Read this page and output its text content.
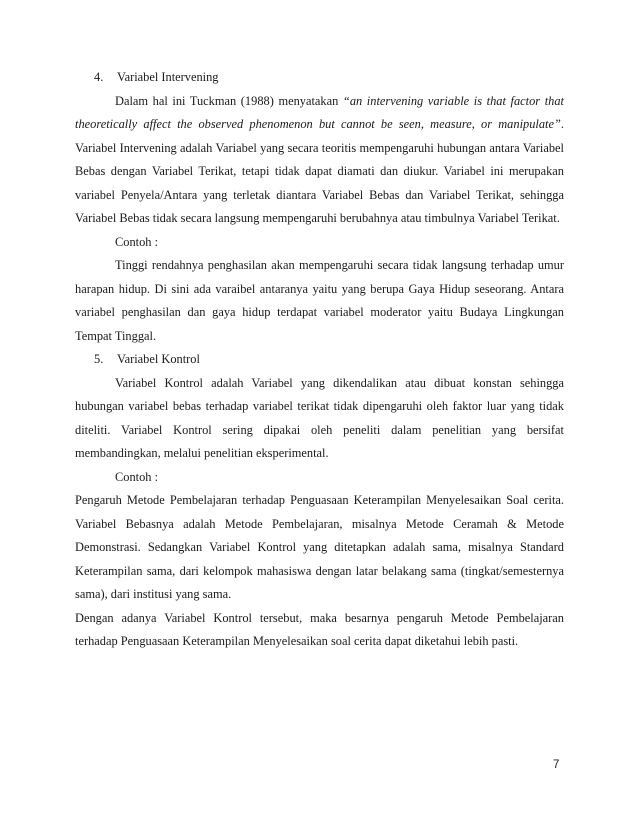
4. Variabel Intervening

Dalam hal ini Tuckman (1988) menyatakan “an intervening variable is that factor that theoretically affect the observed phenomenon but cannot be seen, measure, or manipulate”. Variabel Intervening adalah Variabel yang secara teoritis mempengaruhi hubungan antara Variabel Bebas dengan Variabel Terikat, tetapi tidak dapat diamati dan diukur. Variabel ini merupakan variabel Penyela/Antara yang terletak diantara Variabel Bebas dan Variabel Terikat, sehingga Variabel Bebas tidak secara langsung mempengaruhi berubahnya atau timbulnya Variabel Terikat.

Contoh :

Tinggi rendahnya penghasilan akan mempengaruhi secara tidak langsung terhadap umur harapan hidup. Di sini ada varaibel antaranya yaitu yang berupa Gaya Hidup seseorang. Antara variabel penghasilan dan gaya hidup terdapat variabel moderator yaitu Budaya Lingkungan Tempat Tinggal.

5. Variabel Kontrol

Variabel Kontrol adalah Variabel yang dikendalikan atau dibuat konstan sehingga hubungan variabel bebas terhadap variabel terikat tidak dipengaruhi oleh faktor luar yang tidak diteliti. Variabel Kontrol sering dipakai oleh peneliti dalam penelitian yang bersifat membandingkan, melalui penelitian eksperimental.

Contoh :

Pengaruh Metode Pembelajaran terhadap Penguasaan Keterampilan Menyelesaikan Soal cerita. Variabel Bebasnya adalah Metode Pembelajaran, misalnya Metode Ceramah & Metode Demonstrasi. Sedangkan Variabel Kontrol yang ditetapkan adalah sama, misalnya Standard Keterampilan sama, dari kelompok mahasiswa dengan latar belakang sama (tingkat/semesternya sama), dari institusi yang sama.

Dengan adanya Variabel Kontrol tersebut, maka besarnya pengaruh Metode Pembelajaran terhadap Penguasaan Keterampilan Menyelesaikan soal cerita dapat diketahui lebih pasti.

7
